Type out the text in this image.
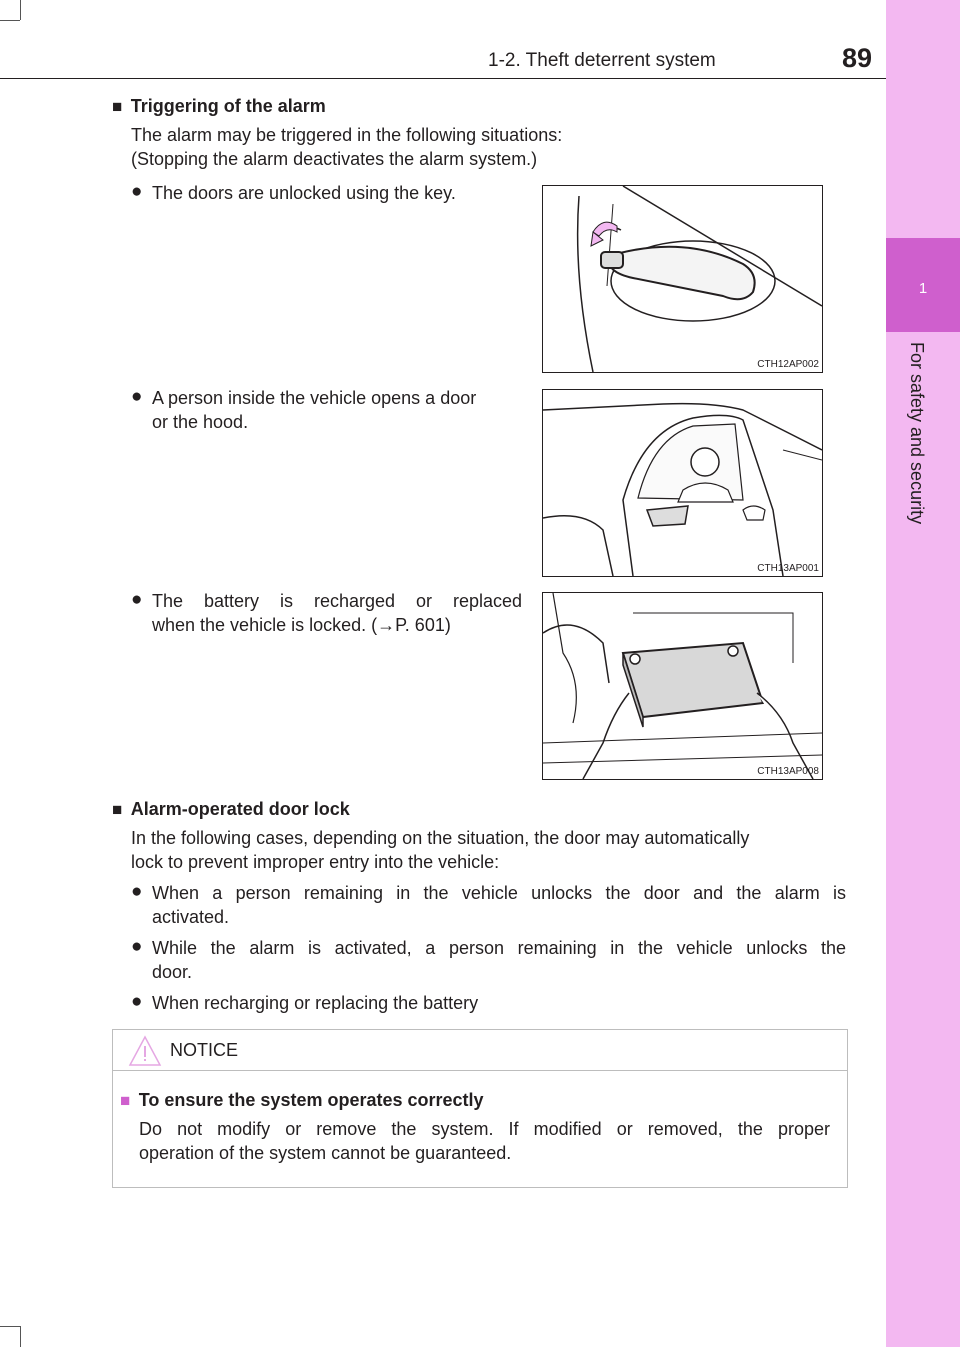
1
For safety and security
1-2. Theft deterrent system	89
■ Triggering of the alarm
The alarm may be triggered in the following situations:
(Stopping the alarm deactivates the alarm system.)
● The doors are unlocked using the key.
● A person inside the vehicle opens a door
or the hood.
● The battery is recharged or replaced
when the vehicle is locked. (→P. 601)
CTH12AP002
CTH13AP001
CTH13AP008
■ Alarm-operated door lock
In the following cases, depending on the situation, the door may automatically
lock to prevent improper entry into the vehicle:
● When a person remaining in the vehicle unlocks the door and the alarm is
activated.
● While the alarm is activated, a person remaining in the vehicle unlocks the
door.
● When recharging or replacing the battery
NOTICE
■ To ensure the system operates correctly
Do not modify or remove the system. If modified or removed, the proper
operation of the system cannot be guaranteed.
